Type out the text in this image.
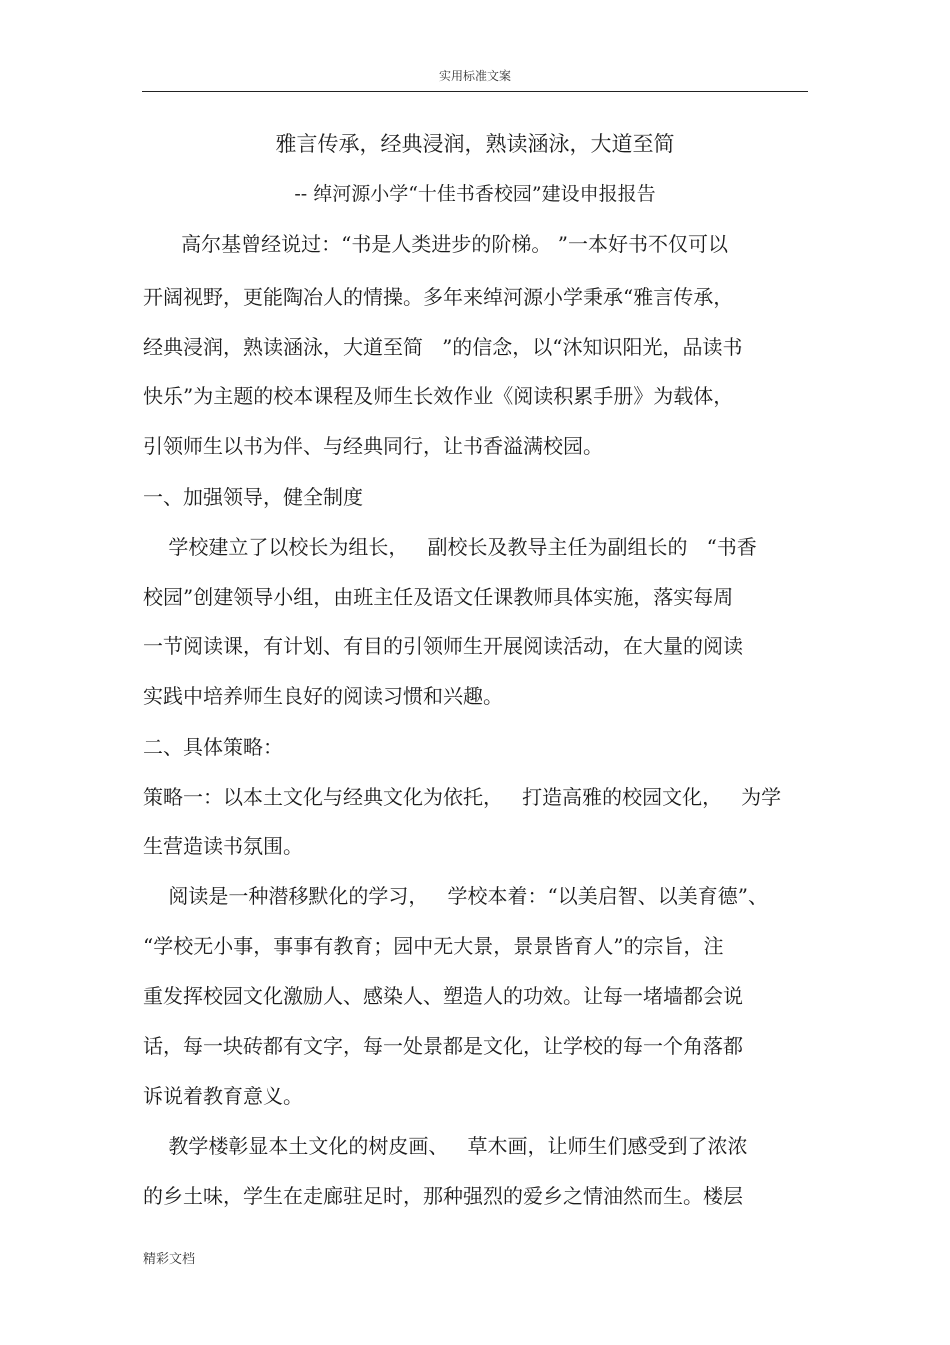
实用标准文案
雅言传承，经典浸润，熟读涵泳，大道至简
-- 绰河源小学“十佳书香校园”建设申报报告
高尔基曾经说过：“书是人类进步的阶梯。 ”一本好书不仅可以
开阔视野，更能陶冶人的情操。多年来绰河源小学秉承“雅言传承，
经典浸润，熟读涵泳，大道至简   ”的信念，以“沐知识阳光，品读书
快乐”为主题的校本课程及师生长效作业《阅读积累手册》为载体，
引领师生以书为伴、与经典同行，让书香溢满校园。
一、加强领导，健全制度
学校建立了以校长为组长，   副校长及教导主任为副组长的   “书香
校园”创建领导小组，由班主任及语文任课教师具体实施，落实每周
一节阅读课，有计划、有目的引领师生开展阅读活动，在大量的阅读
实践中培养师生良好的阅读习惯和兴趣。
二、具体策略：
策略一：以本土文化与经典文化为依托，   打造高雅的校园文化，   为学
生营造读书氛围。
阅读是一种潜移默化的学习，   学校本着：“以美启智、以美育德”、
“学校无小事，事事有教育；园中无大景，景景皆育人”的宗旨，注
重发挥校园文化激励人、感染人、塑造人的功效。让每一堵墙都会说
话，每一块砖都有文字，每一处景都是文化，让学校的每一个角落都
诉说着教育意义。
教学楼彰显本土文化的树皮画、   草木画，让师生们感受到了浓浓
的乡土味，学生在走廊驻足时，那种强烈的爱乡之情油然而生。楼层
精彩文档
